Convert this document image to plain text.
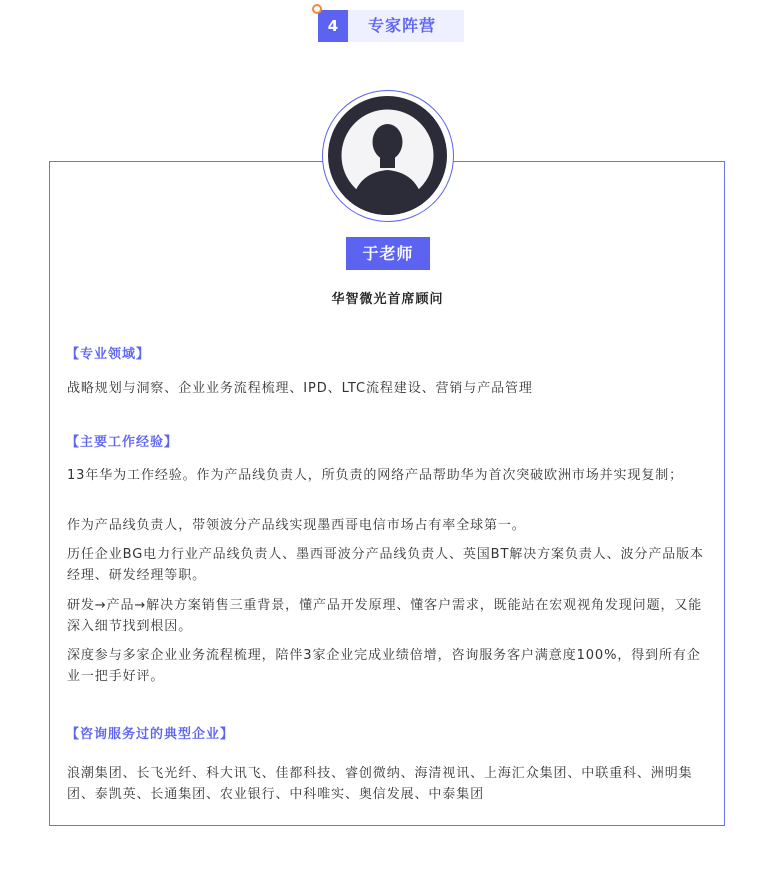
4	专家阵营
于老师
华智微光首席顾问
【专业领域】

战略规划与洞察、企业业务流程梳理、IPD、LTC流程建设、营销与产品管理

【主要工作经验】

13年华为工作经验。作为产品线负责人，所负责的网络产品帮助华为首次突破欧洲市场并实现复制；

作为产品线负责人，带领波分产品线实现墨西哥电信市场占有率全球第一。

历任企业BG电力行业产品线负责人、墨西哥波分产品线负责人、英国BT解决方案负责人、波分产品版本经理、研发经理等职。

研发→产品→解决方案销售三重背景，懂产品开发原理、懂客户需求，既能站在宏观视角发现问题，又能深入细节找到根因。

深度参与多家企业业务流程梳理，陪伴3家企业完成业绩倍增，咨询服务客户满意度100%，得到所有企业一把手好评。

【咨询服务过的典型企业】

浪潮集团、长飞光纤、科大讯飞、佳都科技、睿创微纳、海清视讯、上海汇众集团、中联重科、洲明集团、泰凯英、长通集团、农业银行、中科唯实、奥信发展、中泰集团
